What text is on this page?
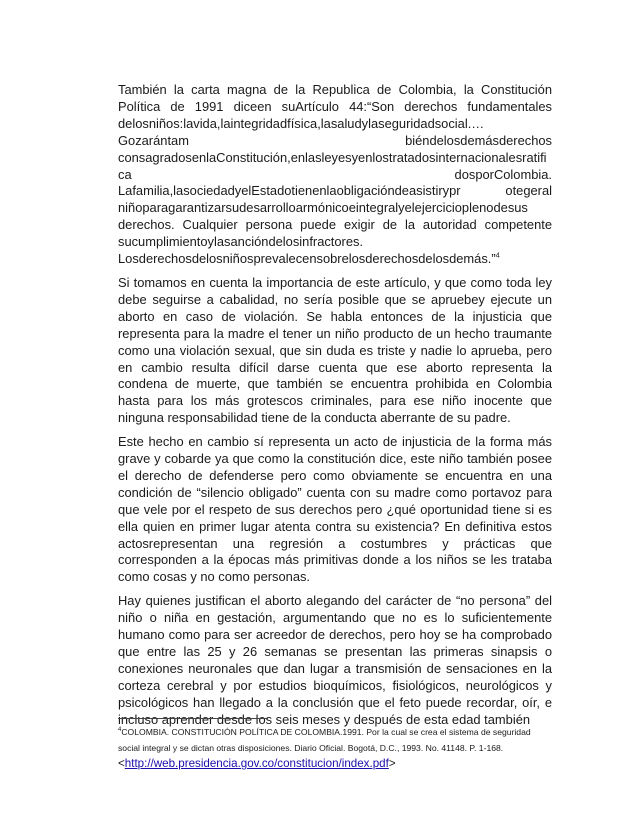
También la carta magna de la Republica de Colombia, la Constitución Política de 1991 diceen suArtículo 44:“Son derechos fundamentales delosniños:lavida,laintegridadfísica,lasaludylaseguridadsocial.…Gozarántam biéndelosdemásderechos consagradosenlaConstitución,enlasleyesyenlostratadosinternacionalesratifica dosporColombia. Lafamilia,lasociedadyelEstadotienenlaobligacióndeasistirypr otegeral niñoparagarantizarsudesarrolloarmónicoeintegralyelejercicioplenodesus derechos. Cualquier persona puede exigir de la autoridad competente sucumplimientoylasancióndelosinfractores. Losderechosdelosniñosprevalecensobrelosderechosdelosdemás.”$^4$

Si tomamos en cuenta la importancia de este artículo, y que como toda ley debe seguirse a cabalidad, no sería posible que se apruebey ejecute un aborto en caso de violación. Se habla entonces de la injusticia que representa para la madre el tener un niño producto de un hecho traumante como una violación sexual, que sin duda es triste y nadie lo aprueba, pero en cambio resulta difícil darse cuenta que ese aborto representa la condena de muerte, que también se encuentra prohibida en Colombia hasta para los más grotescos criminales, para ese niño inocente que ninguna responsabilidad tiene de la conducta aberrante de su padre.

Este hecho en cambio sí representa un acto de injusticia de la forma más grave y cobarde ya que como la constitución dice, este niño también posee el derecho de defenderse pero como obviamente se encuentra en una condición de “silencio obligado” cuenta con su madre como portavoz para que vele por el respeto de sus derechos pero ¿qué oportunidad tiene si es ella quien en primer lugar atenta contra su existencia? En definitiva estos actosrepresentan una regresión a costumbres y prácticas que corresponden a la épocas más primitivas donde a los niños se les trataba como cosas y no como personas.

Hay quienes justifican el aborto alegando del carácter de “no persona” del niño o niña en gestación, argumentando que no es lo suficientemente humano como para ser acreedor de derechos, pero hoy se ha comprobado que entre las 25 y 26 semanas se presentan las primeras sinapsis o conexiones neuronales que dan lugar a transmisión de sensaciones en la corteza cerebral y por estudios bioquímicos, fisiológicos, neurológicos y psicológicos han llegado a la conclusión que el feto puede recordar, oír, e incluso aprender desde los seis meses y después de esta edad también

$^4$COLOMBIA. CONSTITUCIÓN POLÍTICA DE COLOMBIA.1991. Por la cual se crea el sistema de seguridad social integral y se dictan otras disposiciones. Diario Oficial. Bogotá, D.C., 1993. No. 41148. P. 1-168.<http://web.presidencia.gov.co/constitucion/index.pdf>
